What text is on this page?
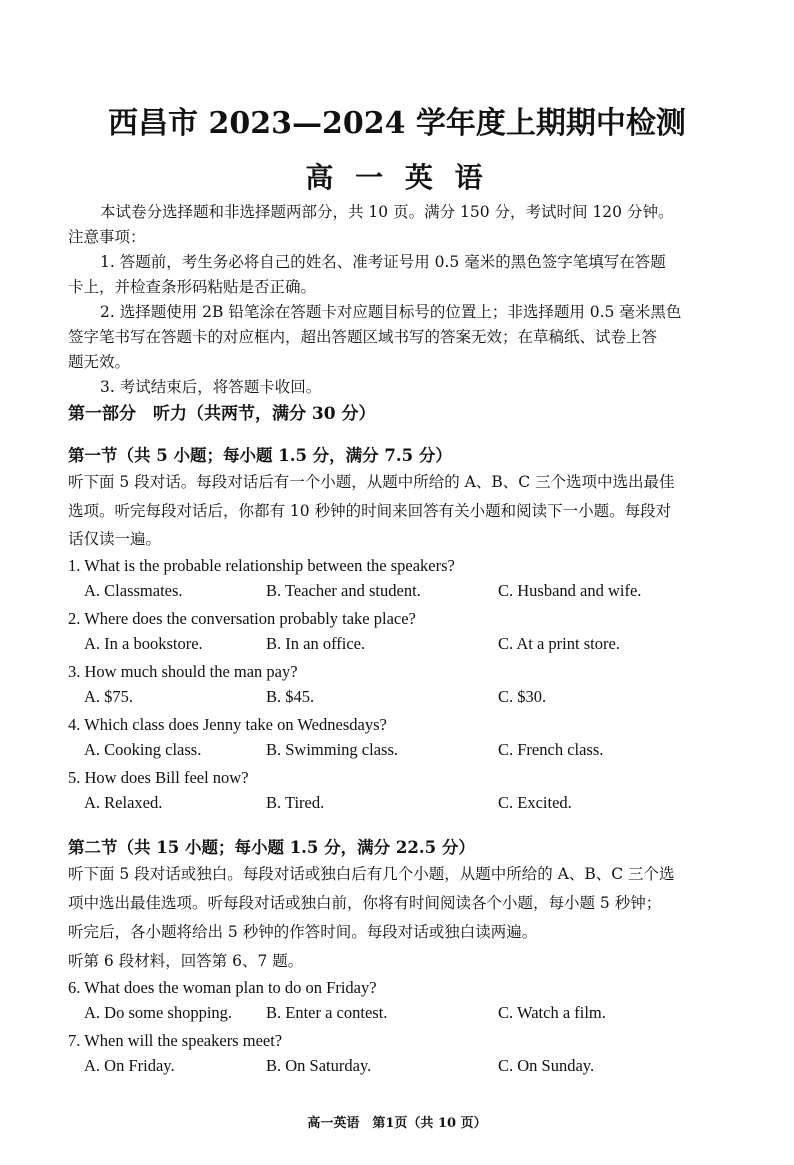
西昌市 2023—2024 学年度上期期中检测
高 一 英 语
本试卷分选择题和非选择题两部分，共 10 页。满分 150 分，考试时间 120 分钟。
注意事项：
1. 答题前，考生务必将自己的姓名、准考证号用 0.5 毫米的黑色签字笔填写在答题
卡上，并检查条形码粘贴是否正确。
2. 选择题使用 2B 铅笔涂在答题卡对应题目标号的位置上；非选择题用 0.5 毫米黑色
签字笔书写在答题卡的对应框内，超出答题区域书写的答案无效；在草稿纸、试卷上答
题无效。
3. 考试结束后，将答题卡收回。
第一部分　听力（共两节，满分 30 分）
第一节（共 5 小题；每小题 1.5 分，满分 7.5 分）
听下面 5 段对话。每段对话后有一个小题，从题中所给的 A、B、C 三个选项中选出最佳
选项。听完每段对话后，你都有 10 秒钟的时间来回答有关小题和阅读下一小题。每段对
话仅读一遍。
1. What is the probable relationship between the speakers?
A. Classmates.	B. Teacher and student.	C. Husband and wife.
2. Where does the conversation probably take place?
A. In a bookstore.	B. In an office.	C. At a print store.
3. How much should the man pay?
A. $75.	B. $45.	C. $30.
4. Which class does Jenny take on Wednesdays?
A. Cooking class.	B. Swimming class.	C. French class.
5. How does Bill feel now?
A. Relaxed.	B. Tired.	C. Excited.
第二节（共 15 小题；每小题 1.5 分，满分 22.5 分）
听下面 5 段对话或独白。每段对话或独白后有几个小题，从题中所给的 A、B、C 三个选
项中选出最佳选项。听每段对话或独白前，你将有时间阅读各个小题，每小题 5 秒钟；
听完后，各小题将给出 5 秒钟的作答时间。每段对话或独白读两遍。
听第 6 段材料，回答第 6、7 题。
6. What does the woman plan to do on Friday?
A. Do some shopping. B. Enter a contest.	C. Watch a film.
7. When will the speakers meet?
A. On Friday.	B. On Saturday.	C. On Sunday.
高一英语　第1页（共 10 页）
